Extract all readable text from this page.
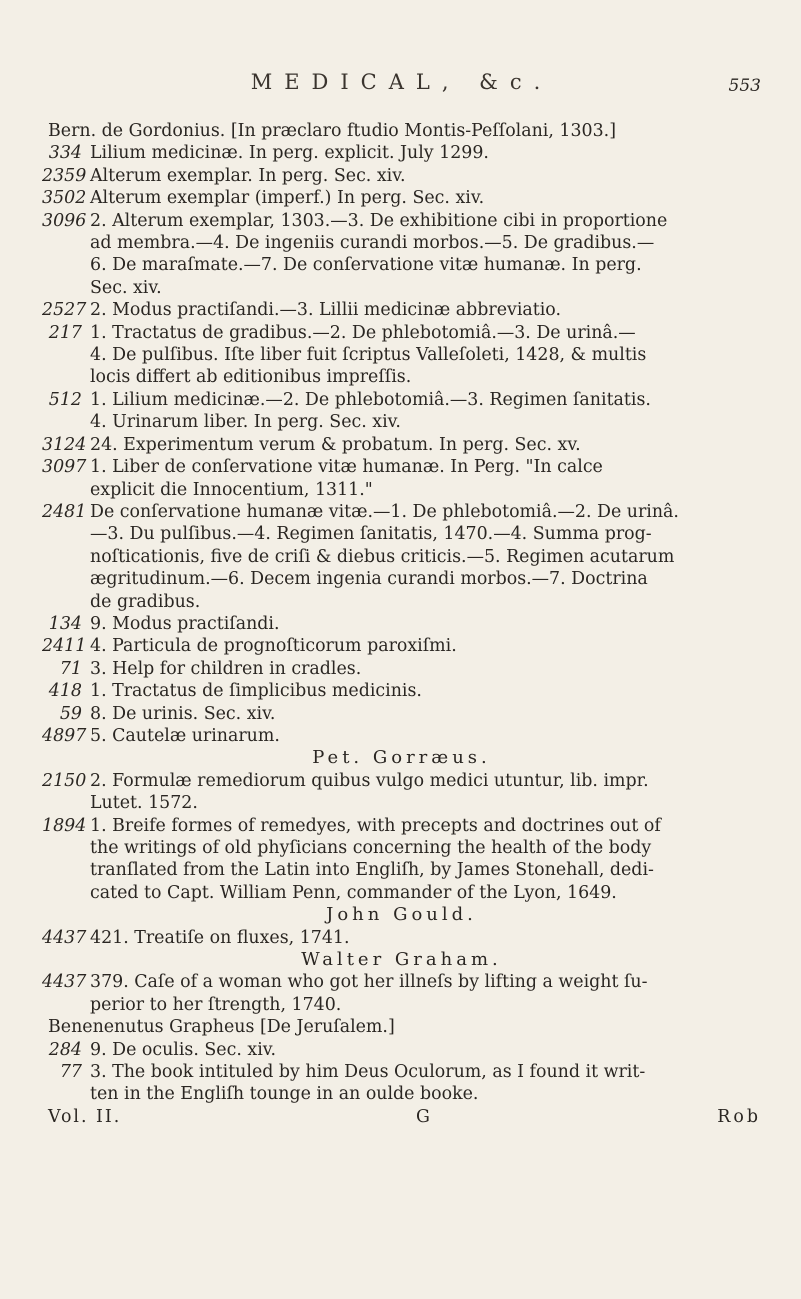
MEDICAL, &c.	553
Bern. de Gordonius. [In præclaro ftudio Montis-Peſſolani, 1303.]
334 Lilium medicinæ. In perg. explicit. July 1299.
2359 Alterum exemplar. In perg. Sec. xiv.
3502 Alterum exemplar (imperf.) In perg. Sec. xiv.
3096 2. Alterum exemplar, 1303.—3. De exhibitione cibi in proportione
ad membra.—4. De ingeniis curandi morbos.—5. De gradibus.—
6. De maraſmate.—7. De conſervatione vitæ humanæ. In perg.
Sec. xiv.
2527 2. Modus practiſandi.—3. Lillii medicinæ abbreviatio.
217 1. Tractatus de gradibus.—2. De phlebotomiâ.—3. De urinâ.—
4. De pulſibus. Iſte liber fuit ſcriptus Valleſoleti, 1428, & multis
locis differt ab editionibus impreſſis.
512 1. Lilium medicinæ.—2. De phlebotomiâ.—3. Regimen ſanitatis.
4. Urinarum liber. In perg. Sec. xiv.
3124 24. Experimentum verum & probatum. In perg. Sec. xv.
3097 1. Liber de conſervatione vitæ humanæ. In Perg. "In calce
explicit die Innocentium, 1311."
2481 De conſervatione humanæ vitæ.—1. De phlebotomiâ.—2. De urinâ.
—3. Du pulſibus.—4. Regimen ſanitatis, 1470.—4. Summa prog-
noſticationis, five de criſi & diebus criticis.—5. Regimen acutarum
ægritudinum.—6. Decem ingenia curandi morbos.—7. Doctrina
de gradibus.
134 9. Modus practiſandi.
2411 4. Particula de prognoſticorum paroxiſmi.
71 3. Help for children in cradles.
418 1. Tractatus de ſimplicibus medicinis.
59 8. De urinis. Sec. xiv.
4897 5. Cautelæ urinarum.
Pet. Gorræus.
2150 2. Formulæ remediorum quibus vulgo medici utuntur, lib. impr.
Lutet. 1572.
1894 1. Breife formes of remedyes, with precepts and doctrines out of
the writings of old phyſicians concerning the health of the body
tranſlated from the Latin into Engliſh, by James Stonehall, dedi-
cated to Capt. William Penn, commander of the Lyon, 1649.
John Gould.
4437 421. Treatiſe on fluxes, 1741.
Walter Graham.
4437 379. Caſe of a woman who got her illneſs by lifting a weight ſu-
perior to her ſtrength, 1740.
Benenenutus Grapheus [De Jeruſalem.]
284 9. De oculis. Sec. xiv.
77 3. The book intituled by him Deus Oculorum, as I found it writ-
ten in the Engliſh tounge in an oulde booke.
Vol. II.	G	Rob
